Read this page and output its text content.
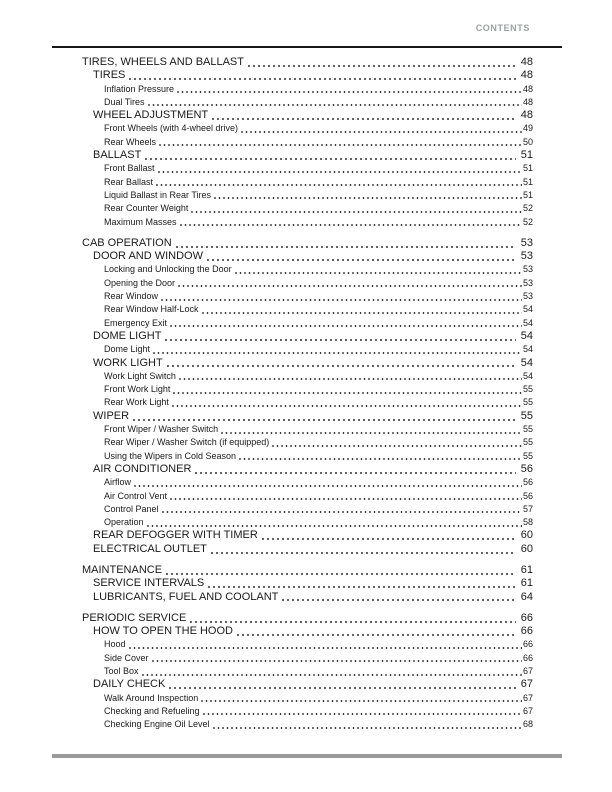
CONTENTS
TIRES, WHEELS AND BALLAST	48
TIRES	48
Inflation Pressure	48
Dual Tires	48
WHEEL ADJUSTMENT	48
Front Wheels (with 4-wheel drive)	49
Rear Wheels	50
BALLAST	51
Front Ballast	51
Rear Ballast	51
Liquid Ballast in Rear Tires	51
Rear Counter Weight	52
Maximum Masses	52
CAB OPERATION	53
DOOR AND WINDOW	53
Locking and Unlocking the Door	53
Opening the Door	53
Rear Window	53
Rear Window Half-Lock	54
Emergency Exit	54
DOME LIGHT	54
Dome Light	54
WORK LIGHT	54
Work Light Switch	54
Front Work Light	55
Rear Work Light	55
WIPER	55
Front Wiper / Washer Switch	55
Rear Wiper / Washer Switch (if equipped)	55
Using the Wipers in Cold Season	55
AIR CONDITIONER	56
Airflow	56
Air Control Vent	56
Control Panel	57
Operation	58
REAR DEFOGGER WITH TIMER	60
ELECTRICAL OUTLET	60
MAINTENANCE	61
SERVICE INTERVALS	61
LUBRICANTS, FUEL AND COOLANT	64
PERIODIC SERVICE	66
HOW TO OPEN THE HOOD	66
Hood	66
Side Cover	66
Tool Box	67
DAILY CHECK	67
Walk Around Inspection	67
Checking and Refueling	67
Checking Engine Oil Level	68
